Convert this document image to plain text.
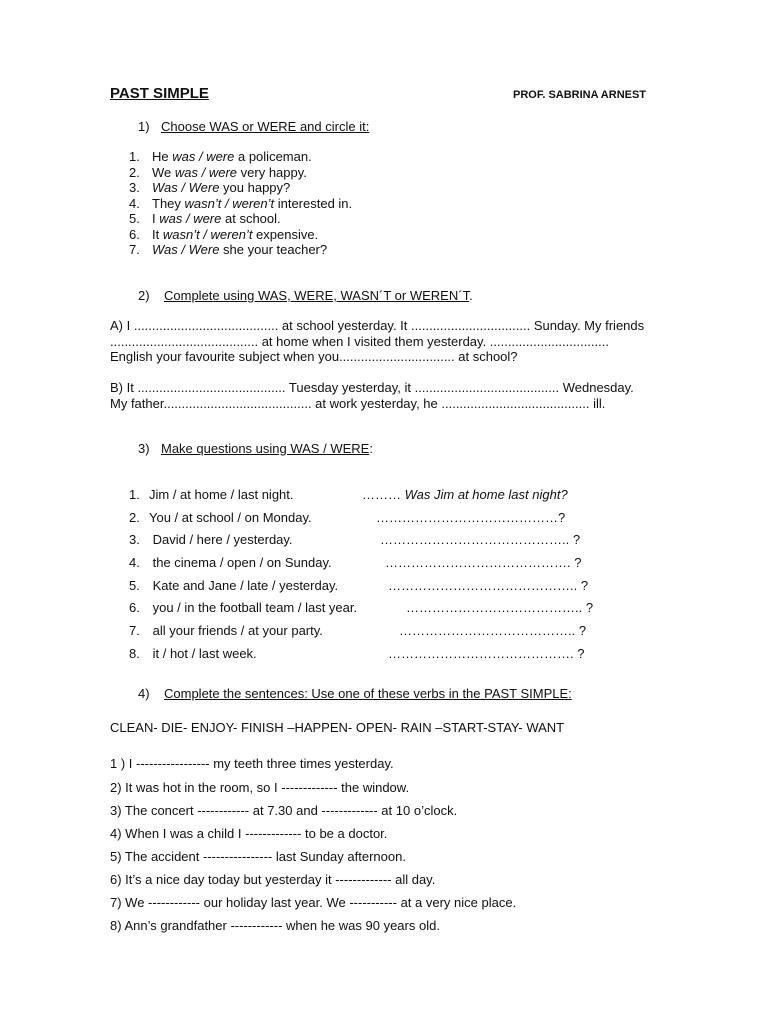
PAST SIMPLE	PROF. SABRINA ARNEST
1) Choose WAS or WERE and circle it:
1. He was / were a policeman.
2. We was / were very happy.
3. Was / Were you happy?
4. They wasn’t / weren’t interested in.
5. I was / were at school.
6. It wasn’t / weren’t expensive.
7. Was / Were she your teacher?
2) Complete using WAS, WERE, WASN´T or WEREN´T.
A) I ........................................ at school yesterday. It ................................. Sunday. My friends ......................................... at home when I visited them yesterday. ................................. English your favourite subject when you................................ at school?
B) It ......................................... Tuesday yesterday, it ........................................ Wednesday. My father......................................... at work yesterday, he ......................................... ill.
3) Make questions using WAS / WERE:
1. Jim / at home / last night.	……… Was Jim at home last night?
2. You / at school / on Monday.	……………………………………?
3. David / here / yesterday.	…………………………………….. ?
4. the cinema / open / on Sunday.	……………………………………. ?
5. Kate and Jane / late / yesterday.	…………………………………….. ?
6. you / in the football team / last year.	………………………………….. ?
7. all your friends / at your party.	………………………………….. ?
8. it / hot / last week.	……………………………………. ?
4) Complete the sentences: Use one of these verbs in the PAST SIMPLE:
CLEAN- DIE- ENJOY- FINISH –HAPPEN- OPEN- RAIN –START-STAY- WANT
1 ) I ----------------- my teeth three times yesterday.
2) It was hot in the room, so I ------------- the window.
3) The concert ------------ at 7.30 and ------------- at 10 o’clock.
4) When I was a child I ------------- to be a doctor.
5) The accident ---------------- last Sunday afternoon.
6) It’s a nice day today but yesterday it ------------- all day.
7) We ------------ our holiday last year. We ----------- at a very nice place.
8) Ann’s grandfather ------------ when he was 90 years old.
